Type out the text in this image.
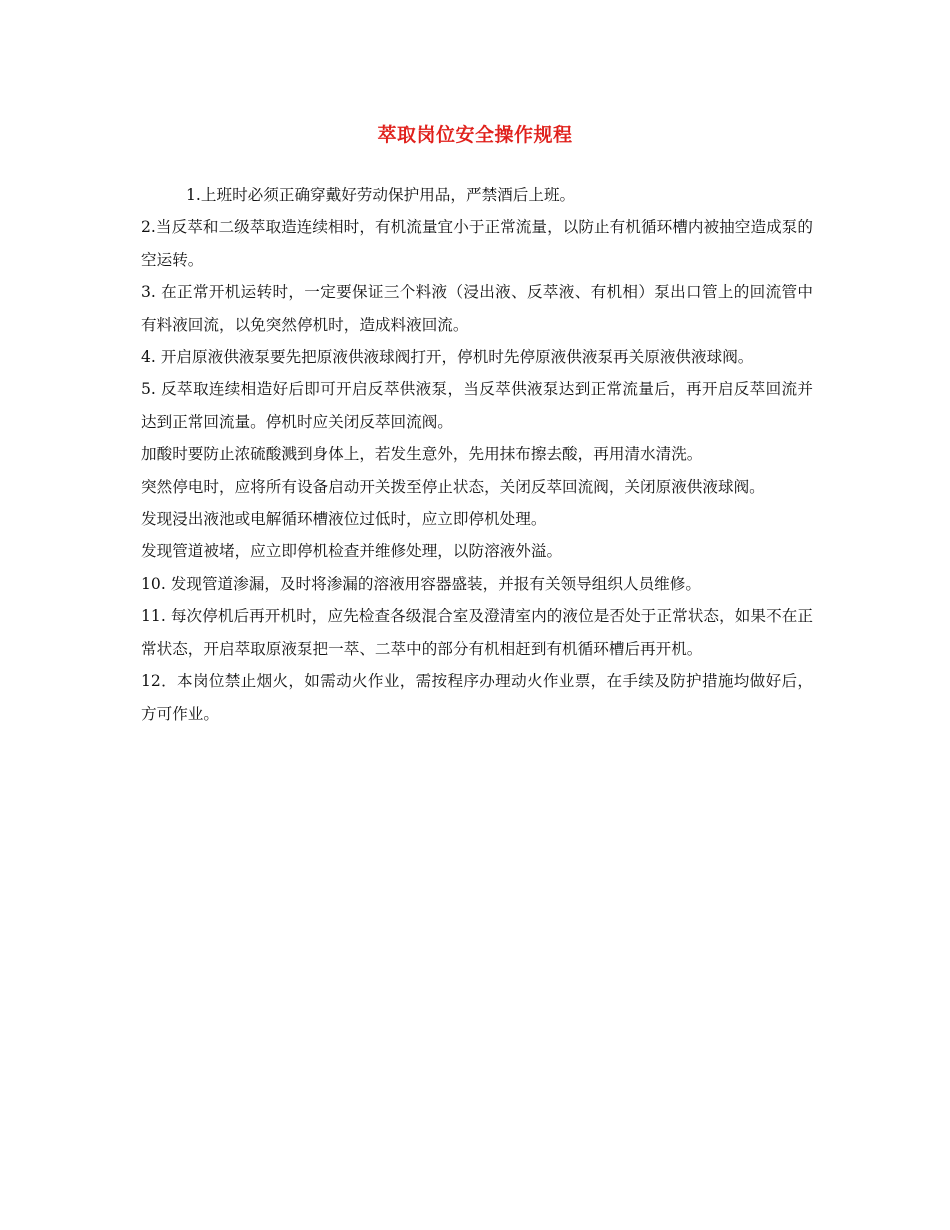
萃取岗位安全操作规程

1.上班时必须正确穿戴好劳动保护用品，严禁酒后上班。

2.当反萃和二级萃取造连续相时，有机流量宜小于正常流量，以防止有机循环槽内被抽空造成泵的空运转。

3. 在正常开机运转时，一定要保证三个料液（浸出液、反萃液、有机相）泵出口管上的回流管中有料液回流，以免突然停机时，造成料液回流。

4. 开启原液供液泵要先把原液供液球阀打开，停机时先停原液供液泵再关原液供液球阀。

5. 反萃取连续相造好后即可开启反萃供液泵，当反萃供液泵达到正常流量后，再开启反萃回流并达到正常回流量。停机时应关闭反萃回流阀。

加酸时要防止浓硫酸溅到身体上，若发生意外，先用抹布擦去酸，再用清水清洗。

突然停电时，应将所有设备启动开关拨至停止状态，关闭反萃回流阀，关闭原液供液球阀。

发现浸出液池或电解循环槽液位过低时，应立即停机处理。

发现管道被堵，应立即停机检查并维修处理，以防溶液外溢。

10. 发现管道渗漏，及时将渗漏的溶液用容器盛装，并报有关领导组织人员维修。

11. 每次停机后再开机时，应先检查各级混合室及澄清室内的液位是否处于正常状态，如果不在正常状态，开启萃取原液泵把一萃、二萃中的部分有机相赶到有机循环槽后再开机。

12．本岗位禁止烟火，如需动火作业，需按程序办理动火作业票，在手续及防护措施均做好后，方可作业。
